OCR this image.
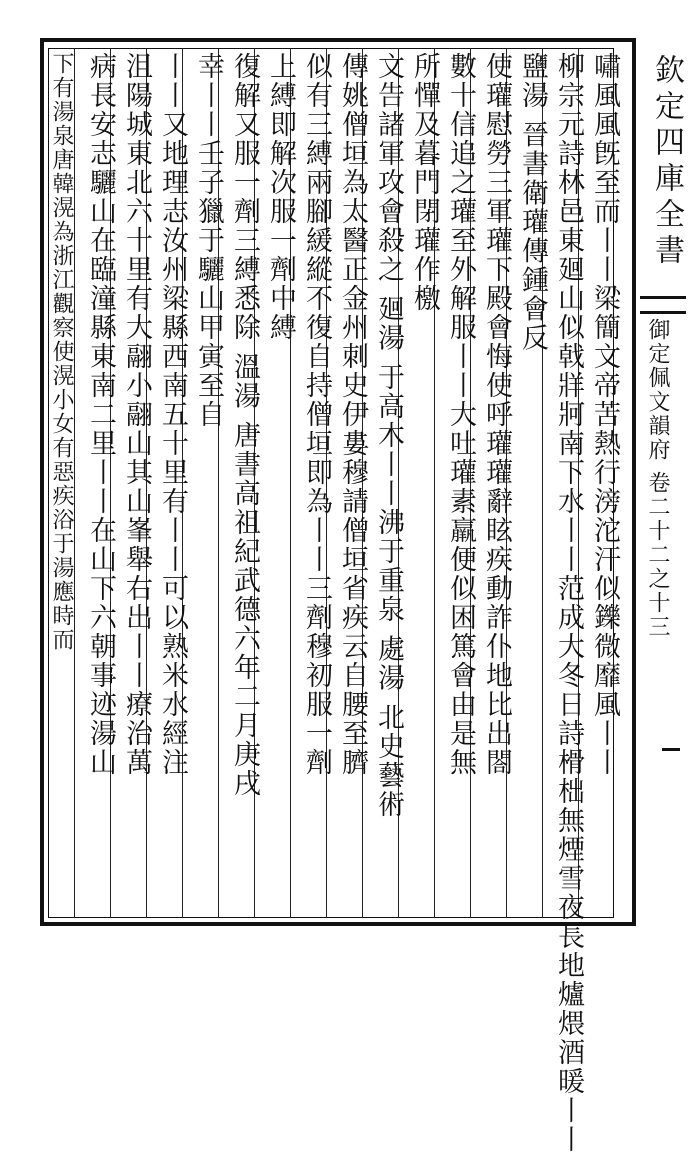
欽定四庫全書
御定佩文韻府 卷二十二之十三
嘯風風旣至而丨丨梁簡文帝苦熱行滂沱汗似鑠微靡風丨丨
柳宗元詩林邑東廻山似戟牂牁南下水丨丨范成大冬日詩榾柮無煙雪夜長地爐煨酒暖丨丨
鹽湯 晉書衛瓘傳鍾會反
使瓘慰勞三軍瓘下殿會悔使呼瓘瓘辭眩疾動詐仆地比出閤
數十信追之瓘至外解服丨丨大吐瓘素羸便似困篤會由是無
所憚及暮門閉瓘作檄
文告諸軍攻會殺之 廻湯 于高木丨丨沸于重泉 處湯 北史藝術
傳姚僧垣為太醫正金州刺史伊婁穆請僧垣省疾云自腰至臍
似有三縛兩腳緩縱不復自持僧垣即為丨丨三劑穆初服一劑
上縛即解次服一劑中縛
復解又服一劑三縛悉除 溫湯 唐書高祖紀武德六年二月庚戌
幸丨丨壬子獵于驪山甲寅至自
丨丨又地理志汝州梁縣西南五十里有丨丨可以熟米水經注
沮陽城東北六十里有大翮小翮山其山峯舉右出丨丨療治萬
病長安志驪山在臨潼縣東南二里丨丨在山下六朝事迹湯山
下有湯泉唐韓滉為浙江觀察使滉小女有惡疾浴于湯應時而
